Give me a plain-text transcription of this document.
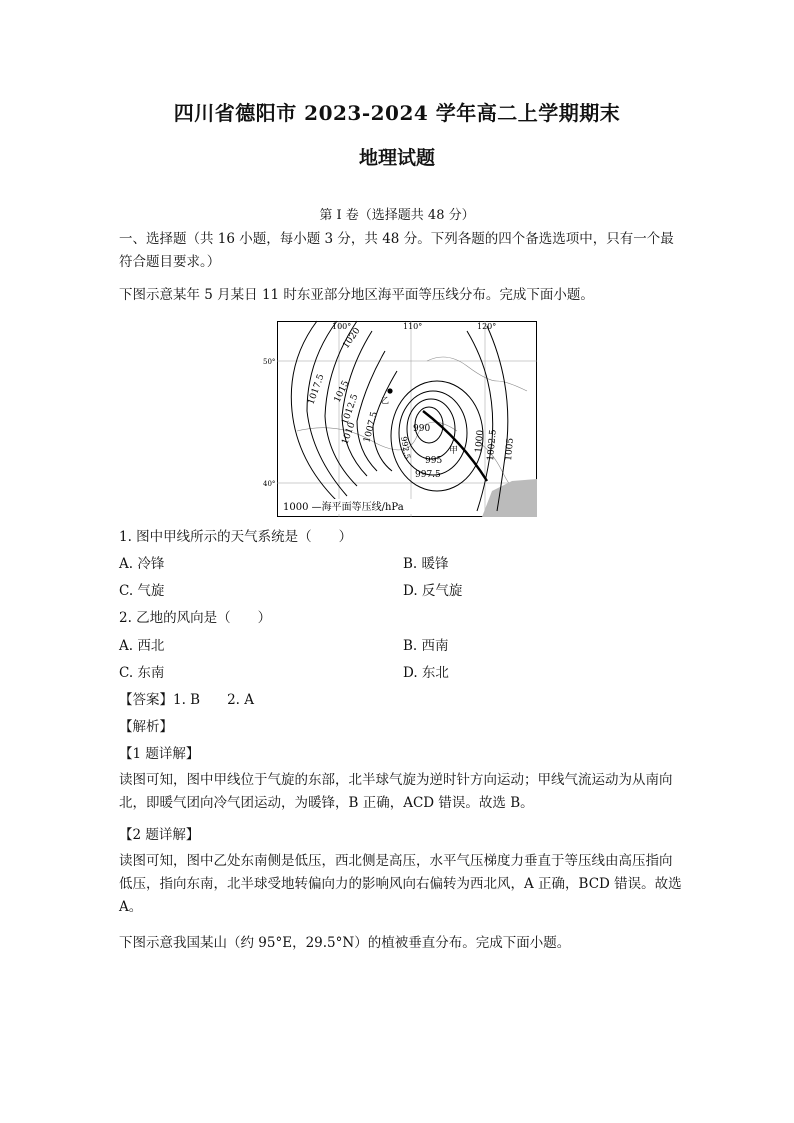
四川省德阳市 2023-2024 学年高二上学期期末
地理试题
第 I 卷（选择题共 48 分）
一、选择题（共 16 小题，每小题 3 分，共 48 分。下列各题的四个备选选项中，只有一个最符合题目要求。）
下图示意某年 5 月某日 11 时东亚部分地区海平面等压线分布。完成下面小题。
100°	110°	120°
50°
40°
1020
1017.5 1015
1012.5
1010 1007.5	990
992.5
995
997.5
1000 1002.5 1005
乙
甲
1000 —海平面等压线/hPa
1. 图中甲线所示的天气系统是（　　）
A. 冷锋	B. 暖锋
C. 气旋	D. 反气旋
2. 乙地的风向是（　　）
A. 西北	B. 西南
C. 东南	D. 东北
【答案】1. B　　2. A
【解析】
【1 题详解】
读图可知，图中甲线位于气旋的东部，北半球气旋为逆时针方向运动；甲线气流运动为从南向北，即暖气团向冷气团运动，为暖锋，B 正确，ACD 错误。故选 B。
【2 题详解】
读图可知，图中乙处东南侧是低压，西北侧是高压，水平气压梯度力垂直于等压线由高压指向低压，指向东南，北半球受地转偏向力的影响风向右偏转为西北风，A 正确，BCD 错误。故选 A。
下图示意我国某山（约 95°E，29.5°N）的植被垂直分布。完成下面小题。
